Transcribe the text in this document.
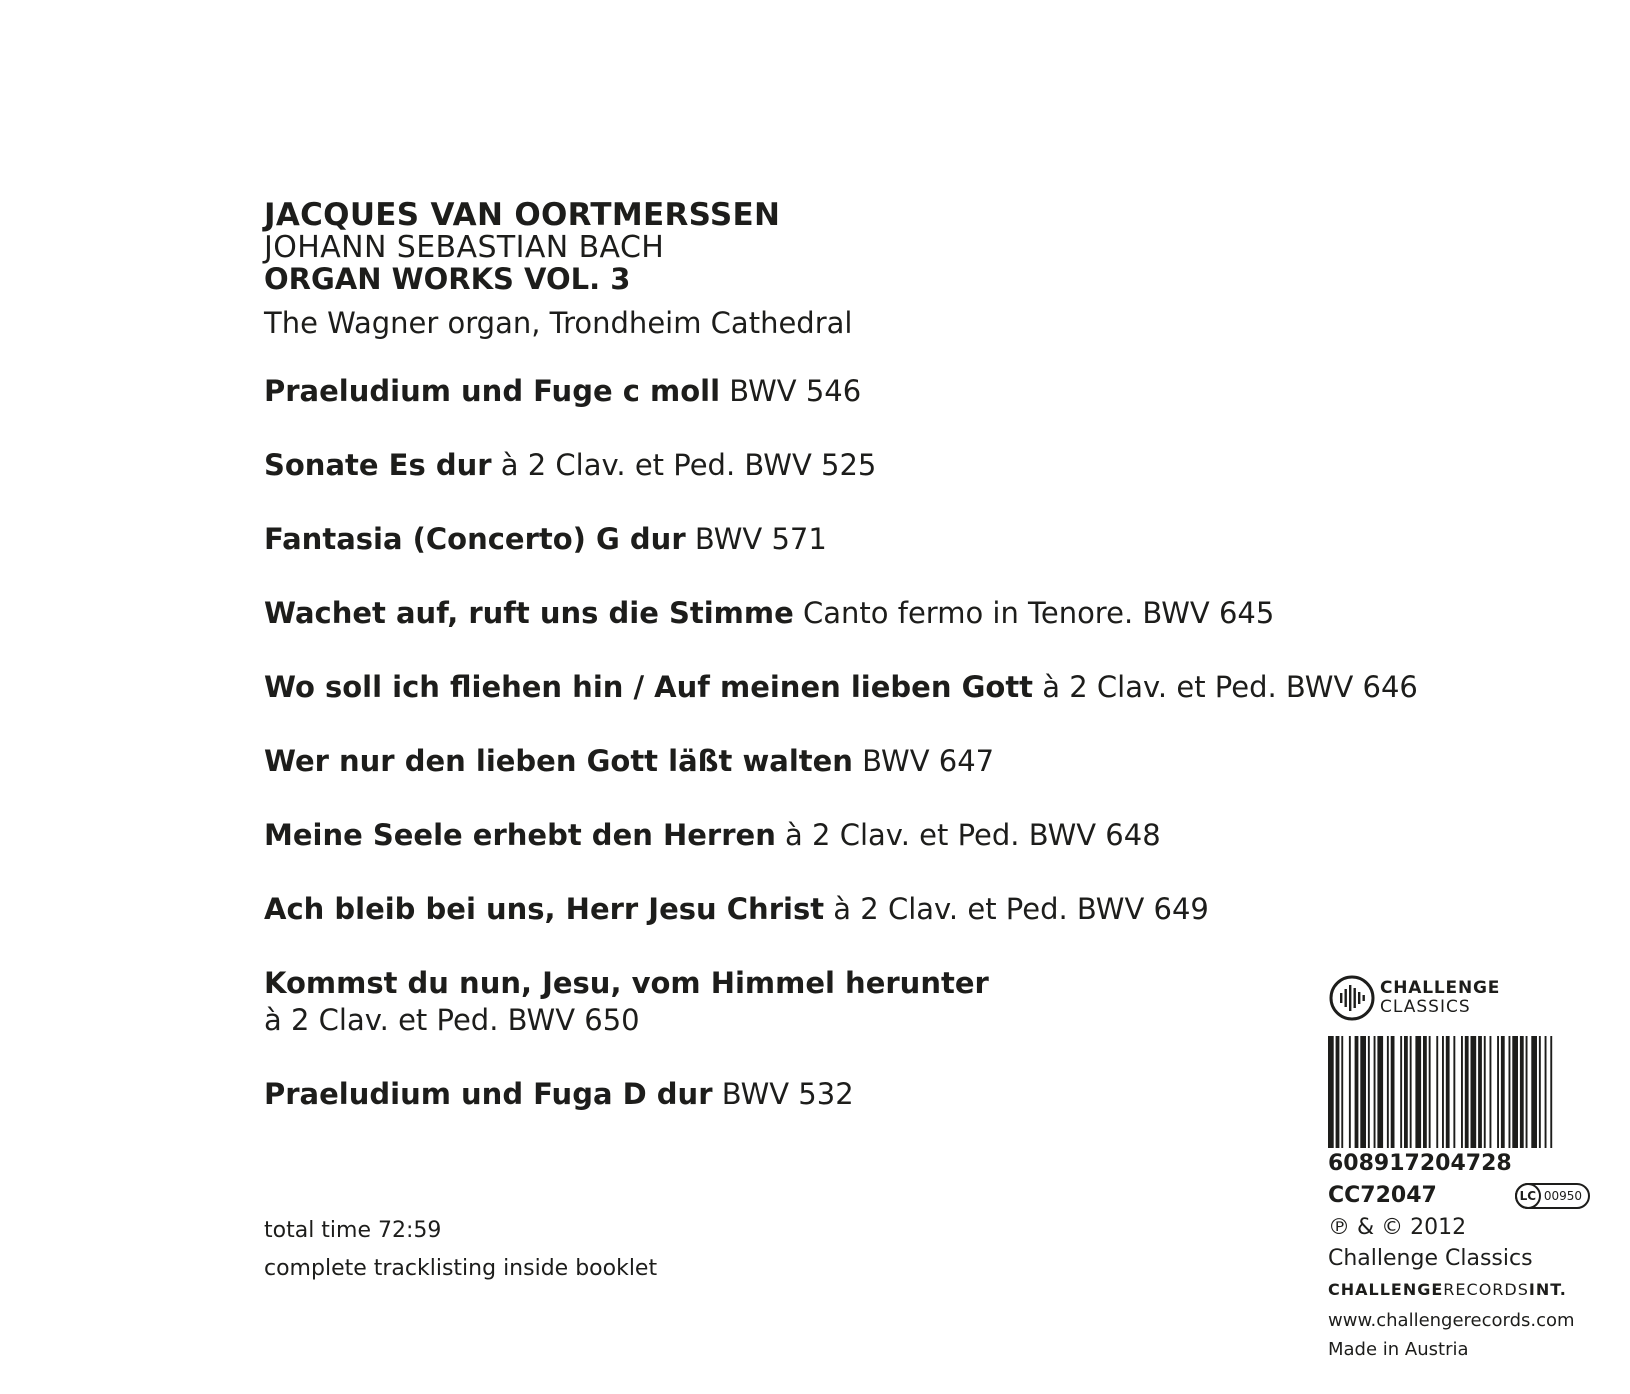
JACQUES VAN OORTMERSSEN
JOHANN SEBASTIAN BACH
ORGAN WORKS VOL. 3
The Wagner organ, Trondheim Cathedral
Praeludium und Fuge c moll BWV 546
Sonate Es dur à 2 Clav. et Ped. BWV 525
Fantasia (Concerto) G dur BWV 571
Wachet auf, ruft uns die Stimme Canto fermo in Tenore. BWV 645
Wo soll ich fliehen hin / Auf meinen lieben Gott à 2 Clav. et Ped. BWV 646
Wer nur den lieben Gott läßt walten BWV 647
Meine Seele erhebt den Herren à 2 Clav. et Ped. BWV 648
Ach bleib bei uns, Herr Jesu Christ à 2 Clav. et Ped. BWV 649
Kommst du nun, Jesu, vom Himmel herunter
à 2 Clav. et Ped. BWV 650
Praeludium und Fuga D dur BWV 532
total time 72:59
complete tracklisting inside booklet
CHALLENGE
CLASSICS
608917204728
CC72047	LC 00950
℗ & © 2012
Challenge Classics
CHALLENGERECORDSINT.
www.challengerecords.com
Made in Austria
